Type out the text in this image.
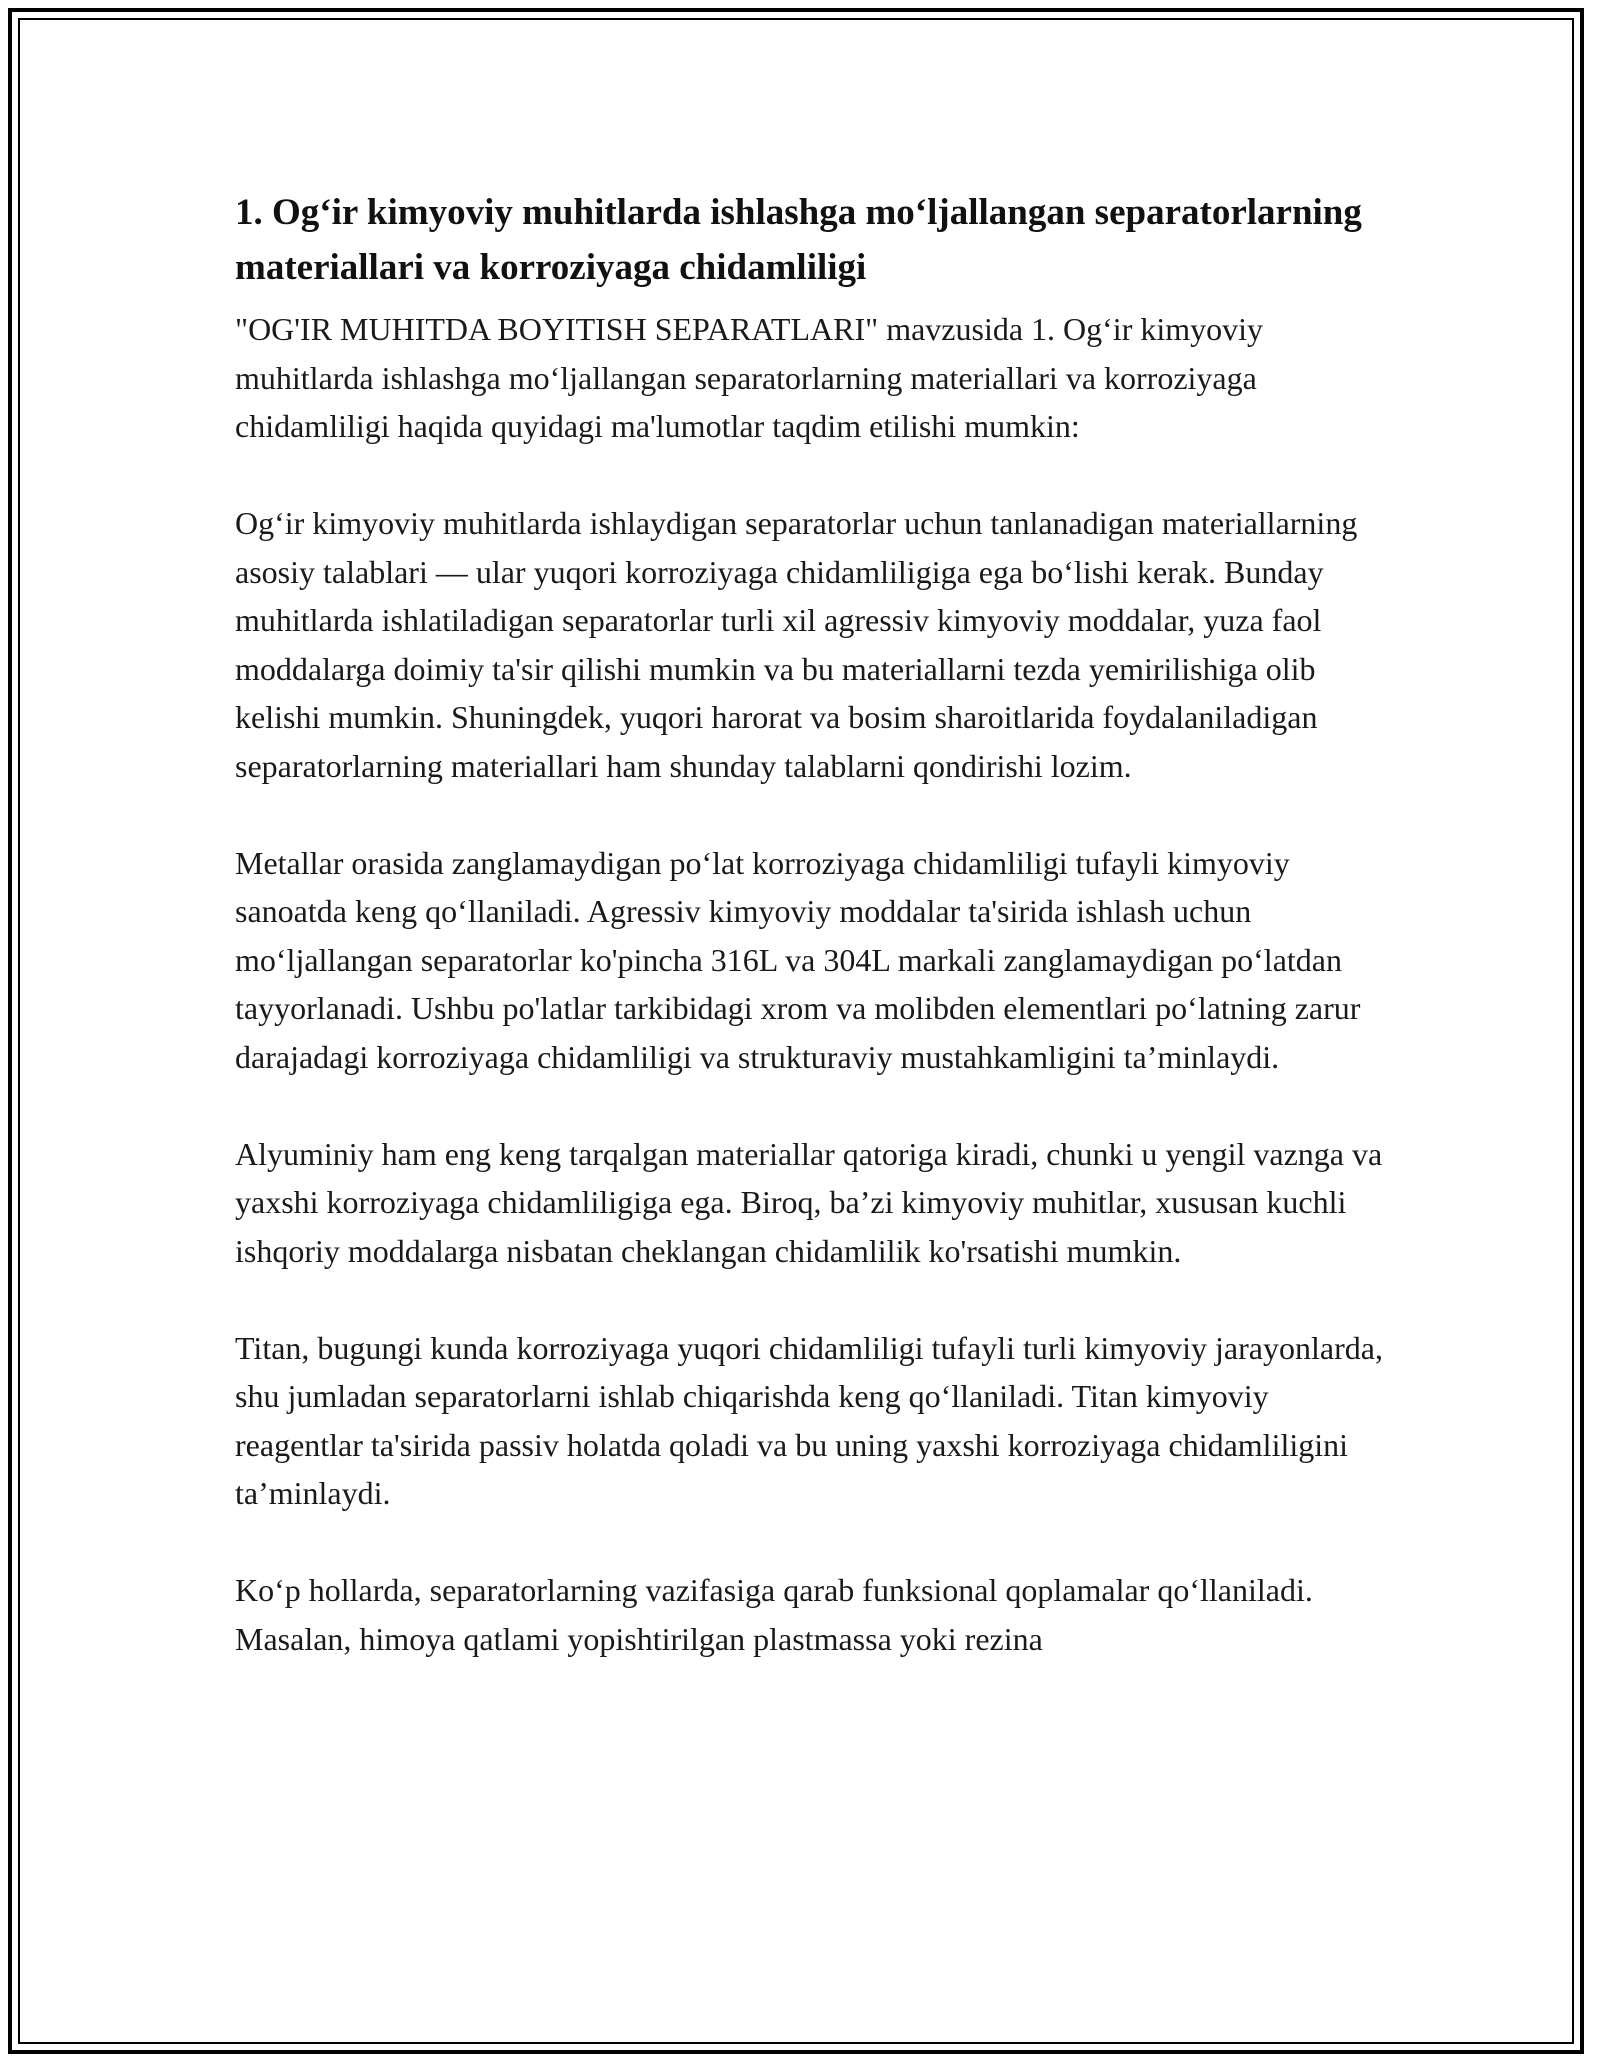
1. Og‘ir kimyoviy muhitlarda ishlashga mo‘ljallangan separatorlarning materiallari va korroziyaga chidamliligi

"OG'IR MUHITDA BOYITISH SEPARATLARI" mavzusida 1. Og‘ir kimyoviy muhitlarda ishlashga mo‘ljallangan separatorlarning materiallari va korroziyaga chidamliligi haqida quyidagi ma'lumotlar taqdim etilishi mumkin:

Og‘ir kimyoviy muhitlarda ishlaydigan separatorlar uchun tanlanadigan materiallarning asosiy talablari — ular yuqori korroziyaga chidamliligiga ega bo‘lishi kerak. Bunday muhitlarda ishlatiladigan separatorlar turli xil agressiv kimyoviy moddalar, yuza faol moddalarga doimiy ta'sir qilishi mumkin va bu materiallarni tezda yemirilishiga olib kelishi mumkin. Shuningdek, yuqori harorat va bosim sharoitlarida foydalaniladigan separatorlarning materiallari ham shunday talablarni qondirishi lozim.

Metallar orasida zanglamaydigan po‘lat korroziyaga chidamliligi tufayli kimyoviy sanoatda keng qo‘llaniladi. Agressiv kimyoviy moddalar ta'sirida ishlash uchun mo‘ljallangan separatorlar ko'pincha 316L va 304L markali zanglamaydigan po‘latdan tayyorlanadi. Ushbu po'latlar tarkibidagi xrom va molibden elementlari po‘latning zarur darajadagi korroziyaga chidamliligi va strukturaviy mustahkamligini ta’minlaydi.

Alyuminiy ham eng keng tarqalgan materiallar qatoriga kiradi, chunki u yengil vaznga va yaxshi korroziyaga chidamliligiga ega. Biroq, ba’zi kimyoviy muhitlar, xususan kuchli ishqoriy moddalarga nisbatan cheklangan chidamlilik ko'rsatishi mumkin.

Titan, bugungi kunda korroziyaga yuqori chidamliligi tufayli turli kimyoviy jarayonlarda, shu jumladan separatorlarni ishlab chiqarishda keng qo‘llaniladi. Titan kimyoviy reagentlar ta'sirida passiv holatda qoladi va bu uning yaxshi korroziyaga chidamliligini ta’minlaydi.

Ko‘p hollarda, separatorlarning vazifasiga qarab funksional qoplamalar qo‘llaniladi. Masalan, himoya qatlami yopishtirilgan plastmassa yoki rezina
